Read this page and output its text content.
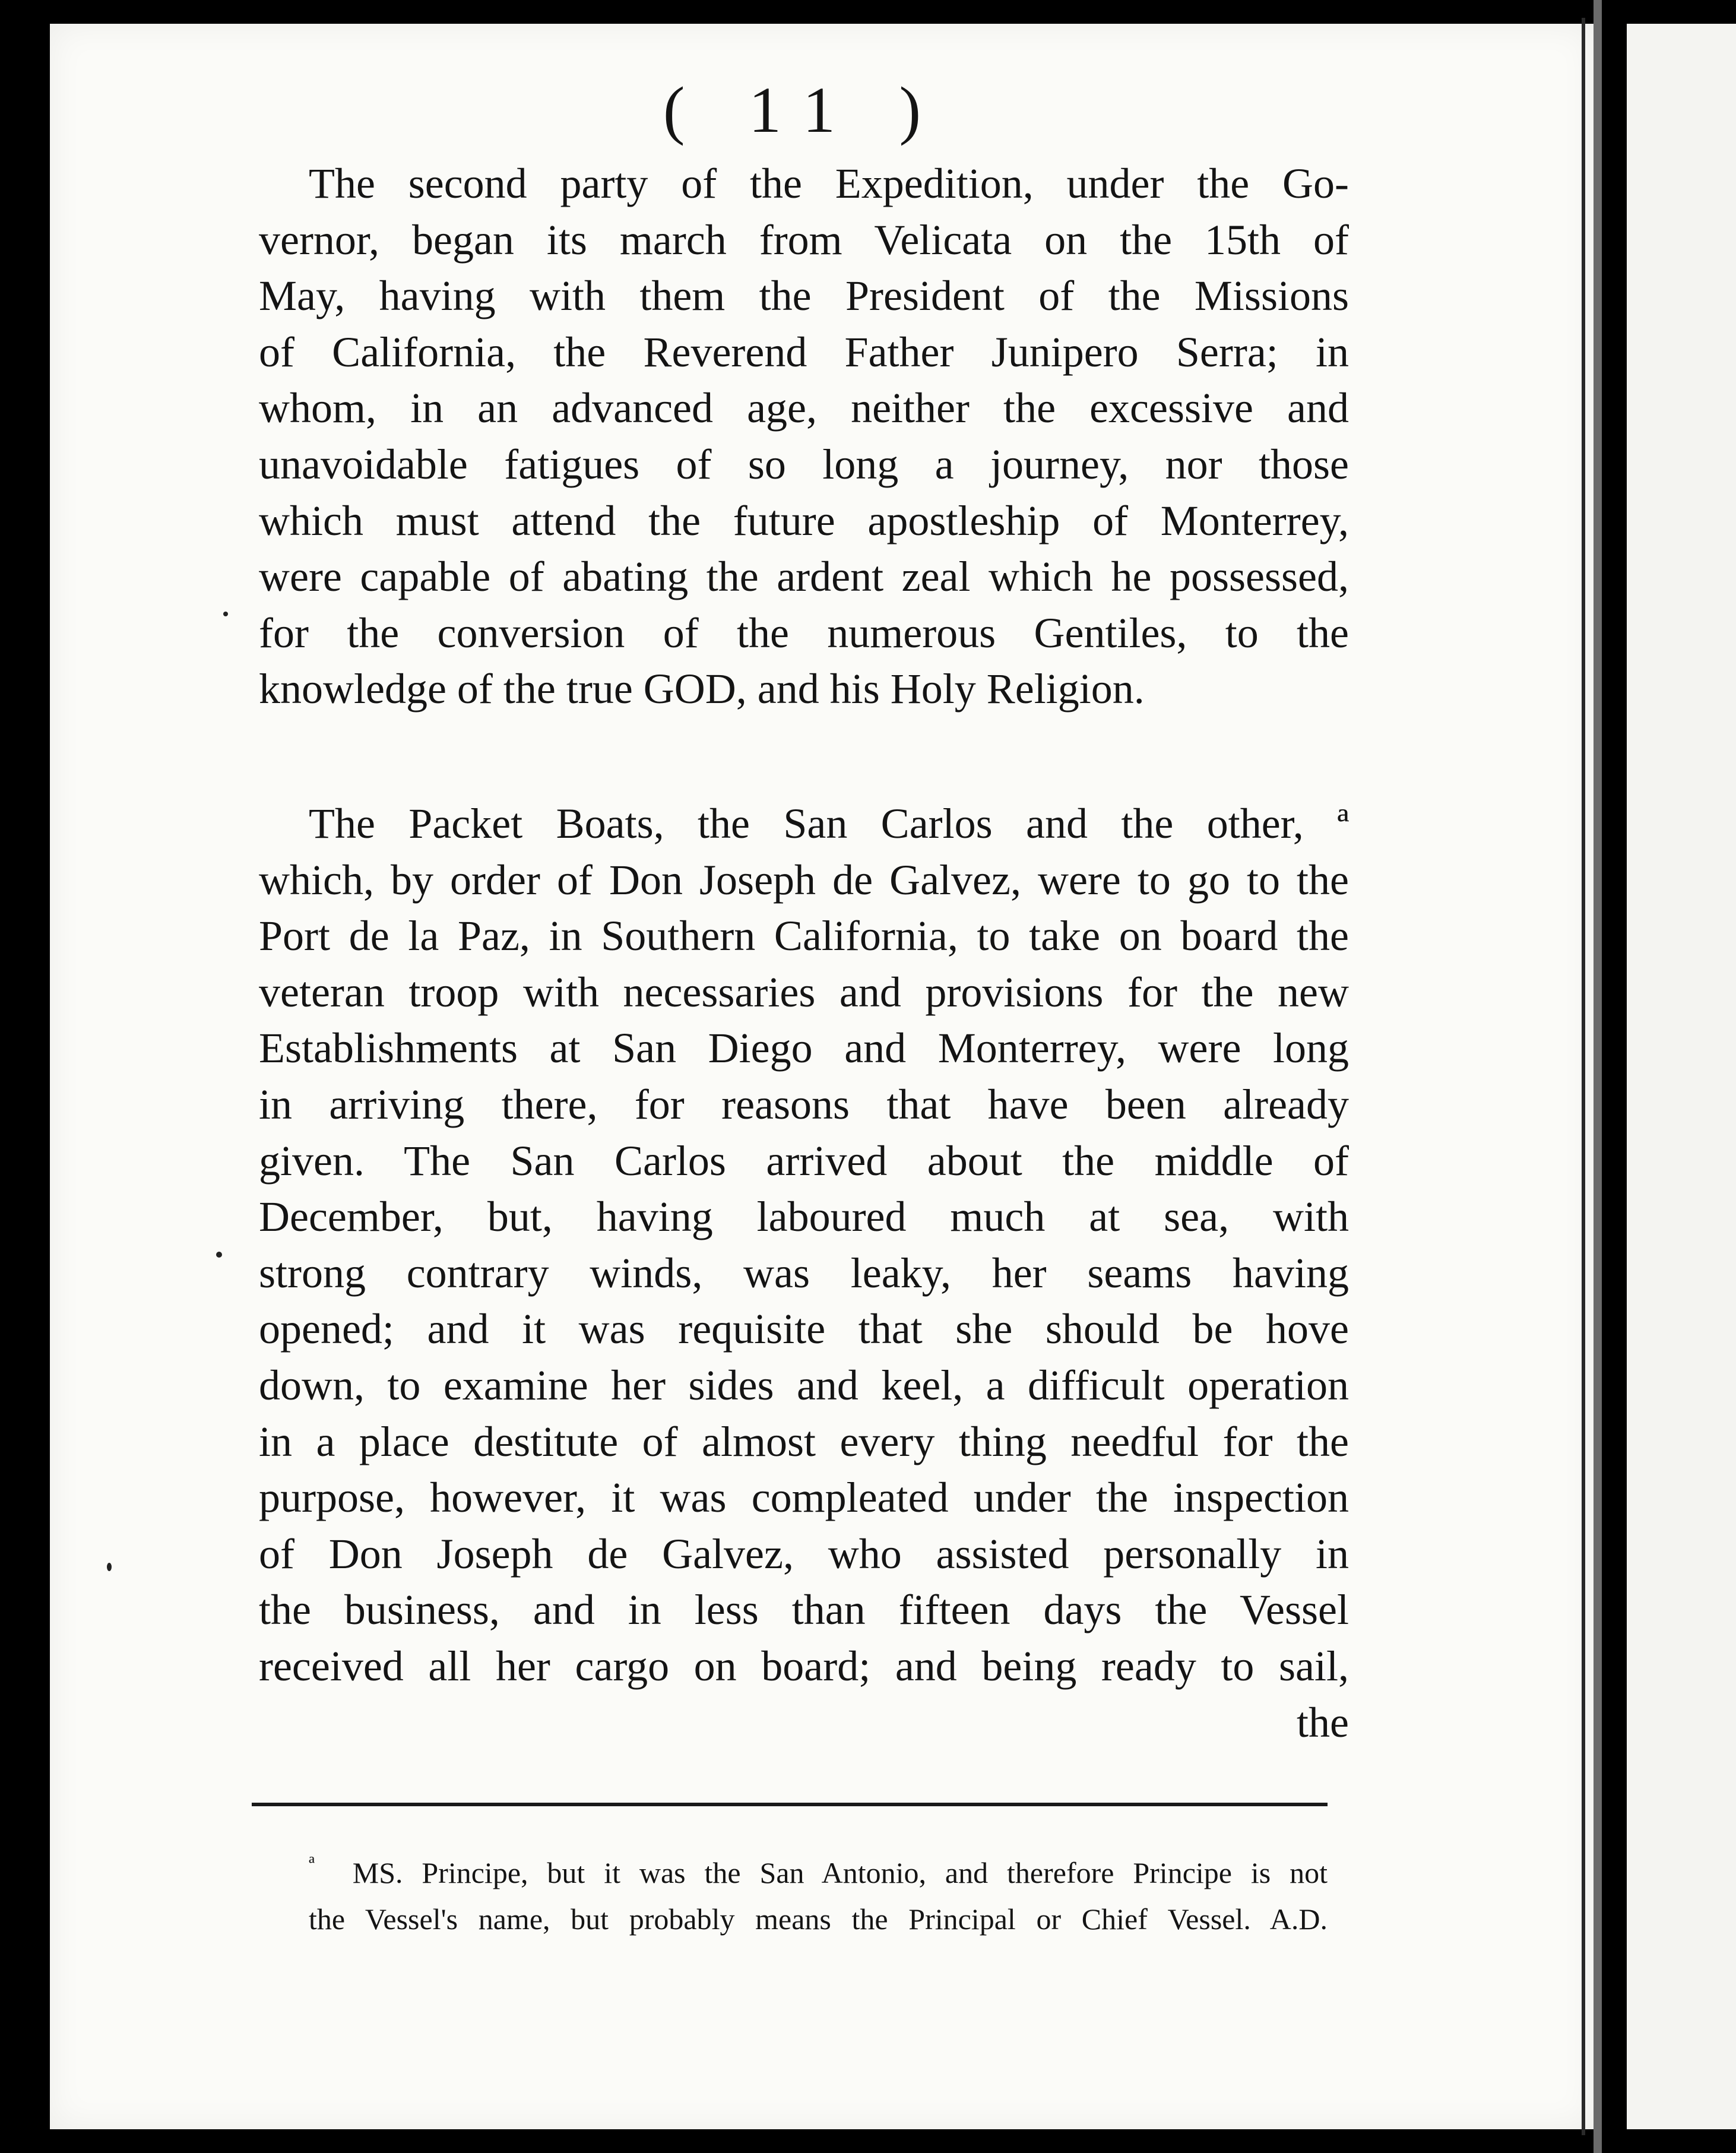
( 11 )
The second party of the Expedition, under the Go-
vernor, began its march from Velicata on the 15th of
May, having with them the President of the Missions
of California, the Reverend Father Junipero Serra; in
whom, in an advanced age, neither the excessive and
unavoidable fatigues of so long a journey, nor those
which must attend the future apostleship of Monterrey,
were capable of abating the ardent zeal which he possessed,
for the conversion of the numerous Gentiles, to the
knowledge of the true GOD, and his Holy Religion.
The Packet Boats, the San Carlos and the other, ª
which, by order of Don Joseph de Galvez, were to go to the
Port de la Paz, in Southern California, to take on board the
veteran troop with necessaries and provisions for the new
Establishments at San Diego and Monterrey, were long
in arriving there, for reasons that have been already
given. The San Carlos arrived about the middle of
December, but, having laboured much at sea, with
strong contrary winds, was leaky, her seams having
opened; and it was requisite that she should be hove
down, to examine her sides and keel, a difficult operation
in a place destitute of almost every thing needful for the
purpose, however, it was compleated under the inspection
of Don Joseph de Galvez, who assisted personally in
the business, and in less than fifteen days the Vessel
received all her cargo on board; and being ready to sail,
the
$^ª$ MS. Principe, but it was the San Antonio, and therefore Principe is not
the Vessel's name, but probably means the Principal or Chief Vessel. A.D.
